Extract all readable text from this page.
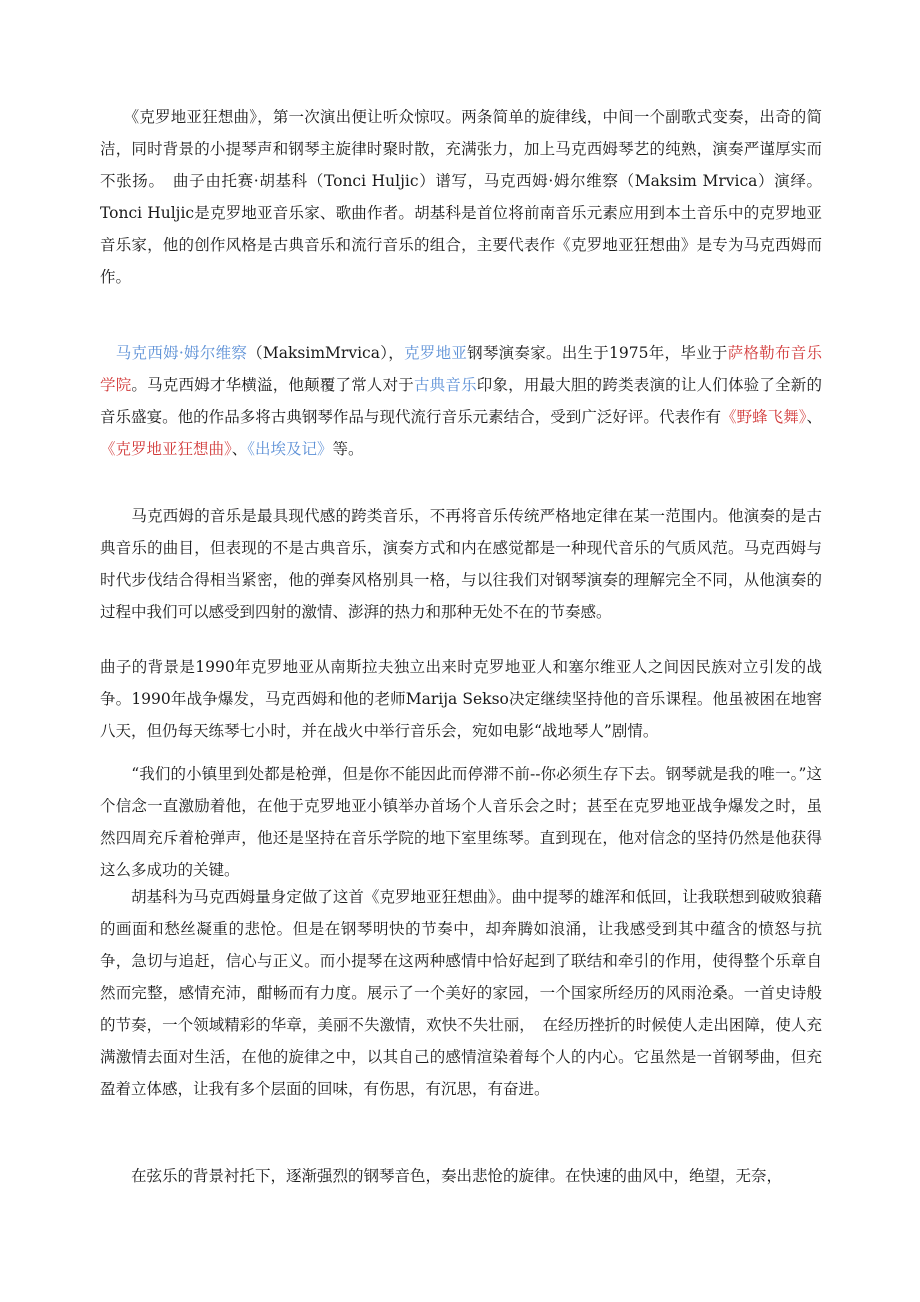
　　《克罗地亚狂想曲》，第一次演出便让听众惊叹。两条简单的旋律线，中间一个副歌式变奏，出奇的简洁，同时背景的小提琴声和钢琴主旋律时聚时散，充满张力，加上马克西姆琴艺的纯熟，演奏严谨厚实而不张扬。　曲子由托赛·胡基科（Tonci Huljic）谱写，马克西姆·姆尔维察（Maksim Mrvica）演绎。Tonci Huljic是克罗地亚音乐家、歌曲作者。胡基科是首位将前南音乐元素应用到本土音乐中的克罗地亚音乐家，他的创作风格是古典音乐和流行音乐的组合，主要代表作《克罗地亚狂想曲》是专为马克西姆而作。

　马克西姆·姆尔维察（MaksimMrvica），克罗地亚钢琴演奏家。出生于1975年，毕业于萨格勒布音乐学院。马克西姆才华横溢，他颠覆了常人对于古典音乐印象，用最大胆的跨类表演的让人们体验了全新的音乐盛宴。他的作品多将古典钢琴作品与现代流行音乐元素结合，受到广泛好评。代表作有《野蜂飞舞》、《克罗地亚狂想曲》、《出埃及记》等。

　　马克西姆的音乐是最具现代感的跨类音乐，不再将音乐传统严格地定律在某一范围内。他演奏的是古典音乐的曲目，但表现的不是古典音乐，演奏方式和内在感觉都是一种现代音乐的气质风范。马克西姆与时代步伐结合得相当紧密，他的弹奏风格别具一格，与以往我们对钢琴演奏的理解完全不同，从他演奏的过程中我们可以感受到四射的激情、澎湃的热力和那种无处不在的节奏感。

曲子的背景是1990年克罗地亚从南斯拉夫独立出来时克罗地亚人和塞尔维亚人之间因民族对立引发的战争。1990年战争爆发，马克西姆和他的老师Marija Sekso决定继续坚持他的音乐课程。他虽被困在地窖八天，但仍每天练琴七小时，并在战火中举行音乐会，宛如电影“战地琴人”剧情。

　　“我们的小镇里到处都是枪弹，但是你不能因此而停滞不前--你必须生存下去。钢琴就是我的唯一。”这个信念一直激励着他，在他于克罗地亚小镇举办首场个人音乐会之时；甚至在克罗地亚战争爆发之时，虽然四周充斥着枪弹声，他还是坚持在音乐学院的地下室里练琴。直到现在，他对信念的坚持仍然是他获得这么多成功的关键。

　　胡基科为马克西姆量身定做了这首《克罗地亚狂想曲》。曲中提琴的雄浑和低回，让我联想到破败狼藉的画面和愁丝凝重的悲怆。但是在钢琴明快的节奏中，却奔腾如浪涌，让我感受到其中蕴含的愤怒与抗争，急切与追赶，信心与正义。而小提琴在这两种感情中恰好起到了联结和牵引的作用，使得整个乐章自然而完整，感情充沛，酣畅而有力度。展示了一个美好的家园，一个国家所经历的风雨沧桑。一首史诗般的节奏，一个领域精彩的华章，美丽不失激情，欢快不失壮丽，　在经历挫折的时候使人走出困障，使人充满激情去面对生活，在他的旋律之中，以其自己的感情渲染着每个人的内心。它虽然是一首钢琴曲，但充盈着立体感，让我有多个层面的回味，有伤思，有沉思，有奋进。

　　在弦乐的背景衬托下，逐渐强烈的钢琴音色，奏出悲怆的旋律。在快速的曲风中，绝望，无奈，
